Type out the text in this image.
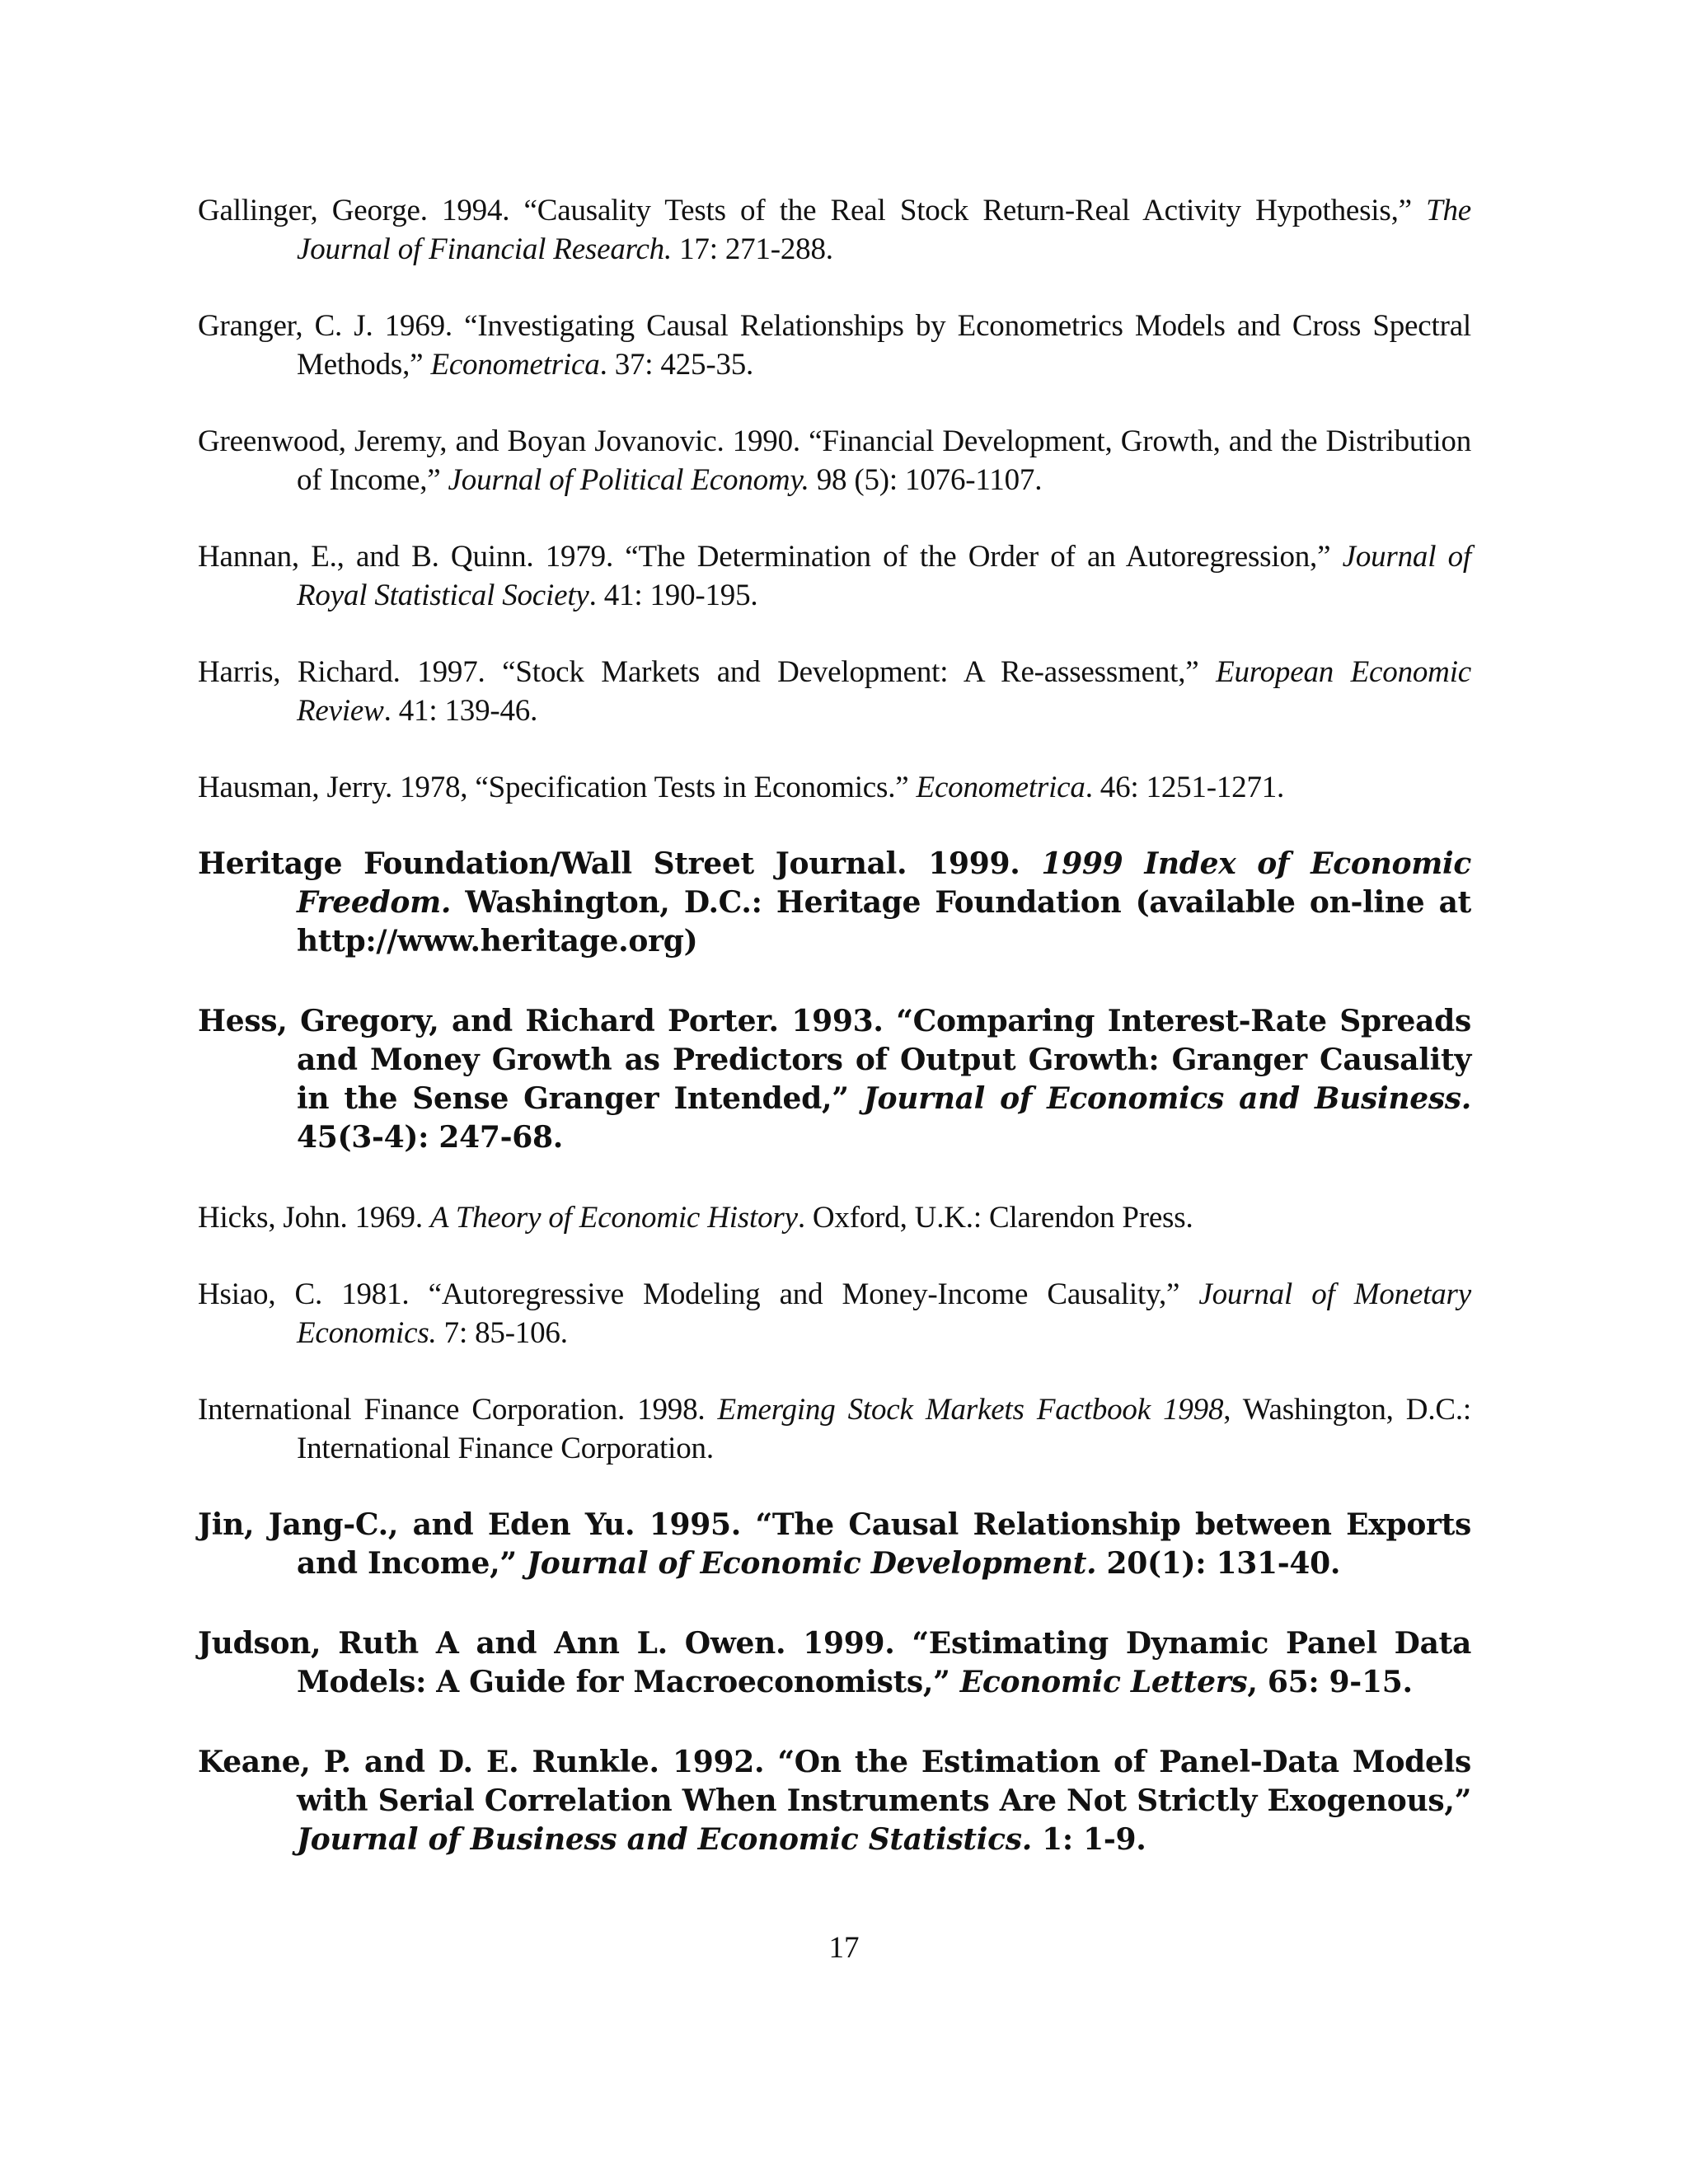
Gallinger, George. 1994. “Causality Tests of the Real Stock Return-Real Activity Hypothesis,” The Journal of Financial Research. 17: 271-288.

Granger, C. J. 1969. “Investigating Causal Relationships by Econometrics Models and Cross Spectral Methods,” Econometrica. 37: 425-35.

Greenwood, Jeremy, and Boyan Jovanovic. 1990. “Financial Development, Growth, and the Distribution of Income,” Journal of Political Economy. 98 (5): 1076-1107.

Hannan, E., and B. Quinn. 1979. “The Determination of the Order of an Autoregression,” Journal of Royal Statistical Society. 41: 190-195.

Harris, Richard. 1997. “Stock Markets and Development: A Re-assessment,” European Economic Review. 41: 139-46.

Hausman, Jerry. 1978, “Specification Tests in Economics.” Econometrica. 46: 1251-1271.

Heritage Foundation/Wall Street Journal. 1999. 1999 Index of Economic Freedom. Washington, D.C.: Heritage Foundation (available on-line at http://www.heritage.org)

Hess, Gregory, and Richard Porter. 1993. “Comparing Interest-Rate Spreads and Money Growth as Predictors of Output Growth: Granger Causality in the Sense Granger Intended,” Journal of Economics and Business. 45(3-4): 247-68.

Hicks, John. 1969. A Theory of Economic History. Oxford, U.K.: Clarendon Press.

Hsiao, C. 1981. “Autoregressive Modeling and Money-Income Causality,” Journal of Monetary Economics. 7: 85-106.

International Finance Corporation. 1998. Emerging Stock Markets Factbook 1998, Washington, D.C.: International Finance Corporation.

Jin, Jang-C., and Eden Yu. 1995. “The Causal Relationship between Exports and Income,” Journal of Economic Development. 20(1): 131-40.

Judson, Ruth A and Ann L. Owen. 1999. “Estimating Dynamic Panel Data Models: A Guide for Macroeconomists,” Economic Letters, 65: 9-15.

Keane, P. and D. E. Runkle. 1992. “On the Estimation of Panel-Data Models with Serial Correlation When Instruments Are Not Strictly Exogenous,” Journal of Business and Economic Statistics. 1: 1-9.

17
